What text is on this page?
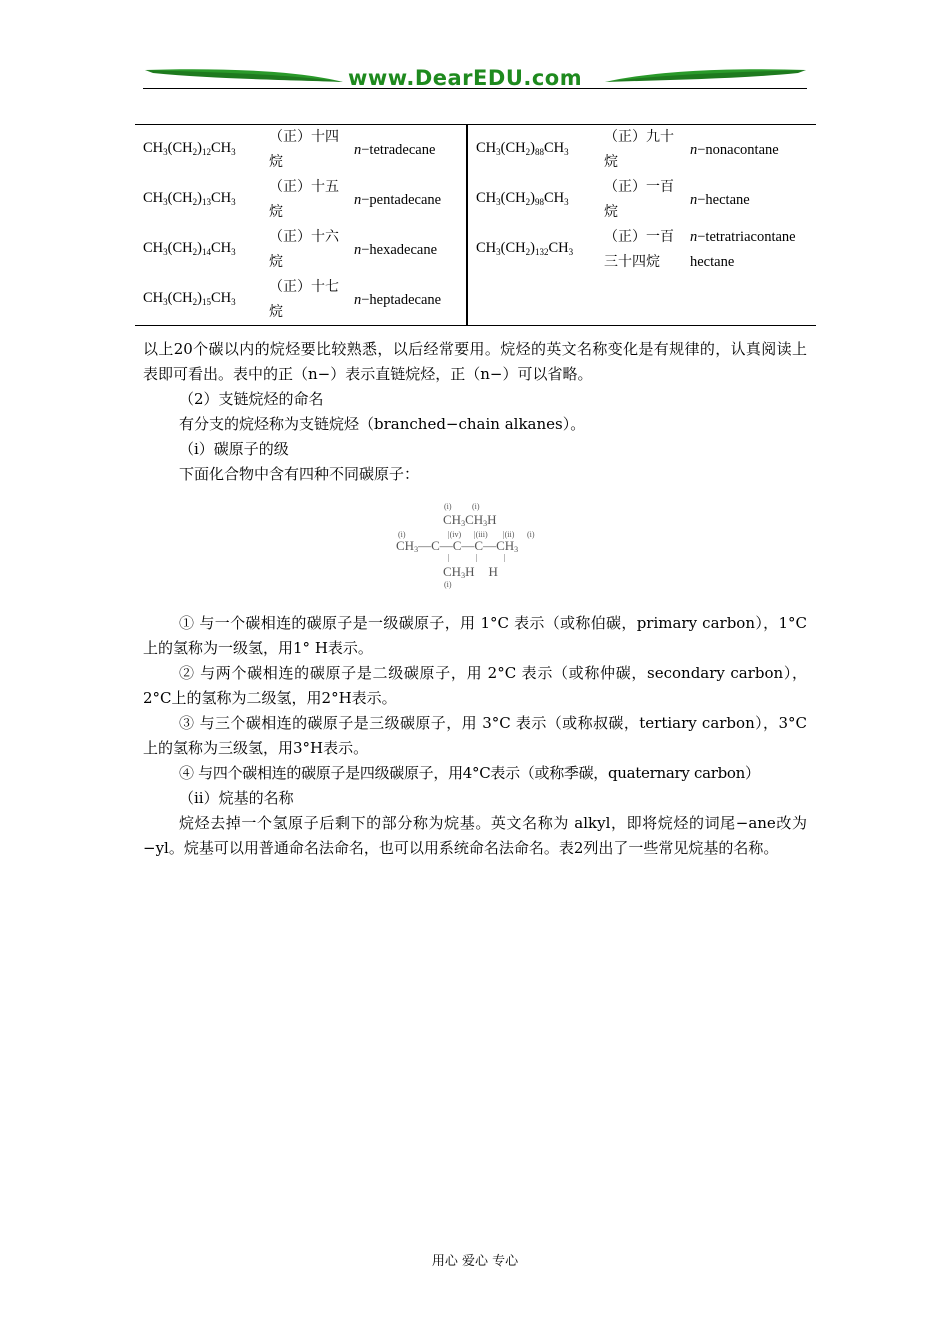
www.DearEDU.com
$CH_3(CH_2)_{12}CH_3$	（正）十四烷	n−tetradecane		$CH_3(CH_2)_{88}CH_3$	（正）九十烷	n−nonacontane
$CH_3(CH_2)_{13}CH_3$	（正）十五烷	n−pentadecane		$CH_3(CH_2)_{98}CH_3$	（正）一百烷	n−hectane
$CH_3(CH_2)_{14}CH_3$	（正）十六烷	n−hexadecane		$CH_3(CH_2)_{132}CH_3$	（正）一百三十四烷	n−tetratriacontane hectane
$CH_3(CH_2)_{15}CH_3$	（正）十七烷	n−heptadecane				

以上20个碳以内的烷烃要比较熟悉，以后经常要用。烷烃的英文名称变化是有规律的，认真阅读上表即可看出。表中的正（n−）表示直链烷烃，正（n−）可以省略。

（2）支链烷烃的命名

有分支的烷烃称为支链烷烃（branched−chain alkanes）。

（i）碳原子的级

下面化合物中含有四种不同碳原子：

(i)	(i)
$CH_3CH_3H$
|(iv) |(iii) |(ii) (i)
(i)
$CH_3—C—C—C—CH_3$
|	|	|
$CH_3H$ H
(i)

① 与一个碳相连的碳原子是一级碳原子，用 1°C 表示（或称伯碳，primary carbon），1°C上的氢称为一级氢，用1° H表示。

② 与两个碳相连的碳原子是二级碳原子，用 2°C 表示（或称仲碳，secondary carbon），2°C上的氢称为二级氢，用2°H表示。

③ 与三个碳相连的碳原子是三级碳原子，用 3°C 表示（或称叔碳，tertiary carbon），3°C上的氢称为三级氢，用3°H表示。

④ 与四个碳相连的碳原子是四级碳原子，用4°C表示（或称季碳，quaternary carbon）

（ii）烷基的名称

烷烃去掉一个氢原子后剩下的部分称为烷基。英文名称为 alkyl，即将烷烃的词尾−ane改为−yl。烷基可以用普通命名法命名，也可以用系统命名法命名。表2列出了一些常见烷基的名称。

用心 爱心 专心
